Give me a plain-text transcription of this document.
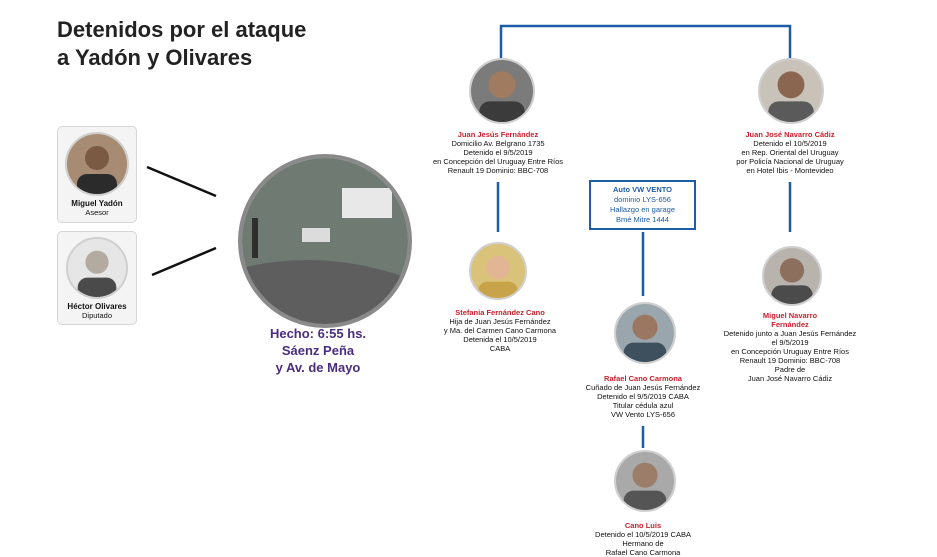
Detenidos por el ataque
a Yadón y Olivares
Miguel Yadón
Asesor
Héctor Olivares
Diputado
Hecho: 6:55 hs.
Sáenz Peña
y Av. de Mayo
Auto VW VENTO
dominio LYS-656
Hallazgo en garage
Bmé Mitre 1444
Juan Jesús Fernández
Domicilio Av. Belgrano 1735
Detenido el 9/5/2019
en Concepción del Uruguay Entre Ríos
Renault 19 Dominio: BBC-708
Juan José Navarro Cádiz
Detenido el 10/5/2019
en Rep. Oriental del Uruguay
por Policía Nacional de Uruguay
en Hotel Ibis - Montevideo
Stefanía Fernández Cano
Hija de Juan Jesús Fernández
y Ma. del Carmen Cano Carmona
Detenida el 10/5/2019
CABA
Rafael Cano Carmona
Cuñado de Juan Jesús Fernández
Detenido el 9/5/2019 CABA
Titular cédula azul
VW Vento LYS-656
Miguel Navarro
Fernández
Detenido junto a Juan Jesús Fernández
el 9/5/2019
en Concepción Uruguay Entre Ríos
Renault 19 Dominio: BBC-708
Padre de
Juan José Navarro Cádiz
Cano Luis
Detenido el 10/5/2019 CABA
Hermano de
Rafael Cano Carmona
